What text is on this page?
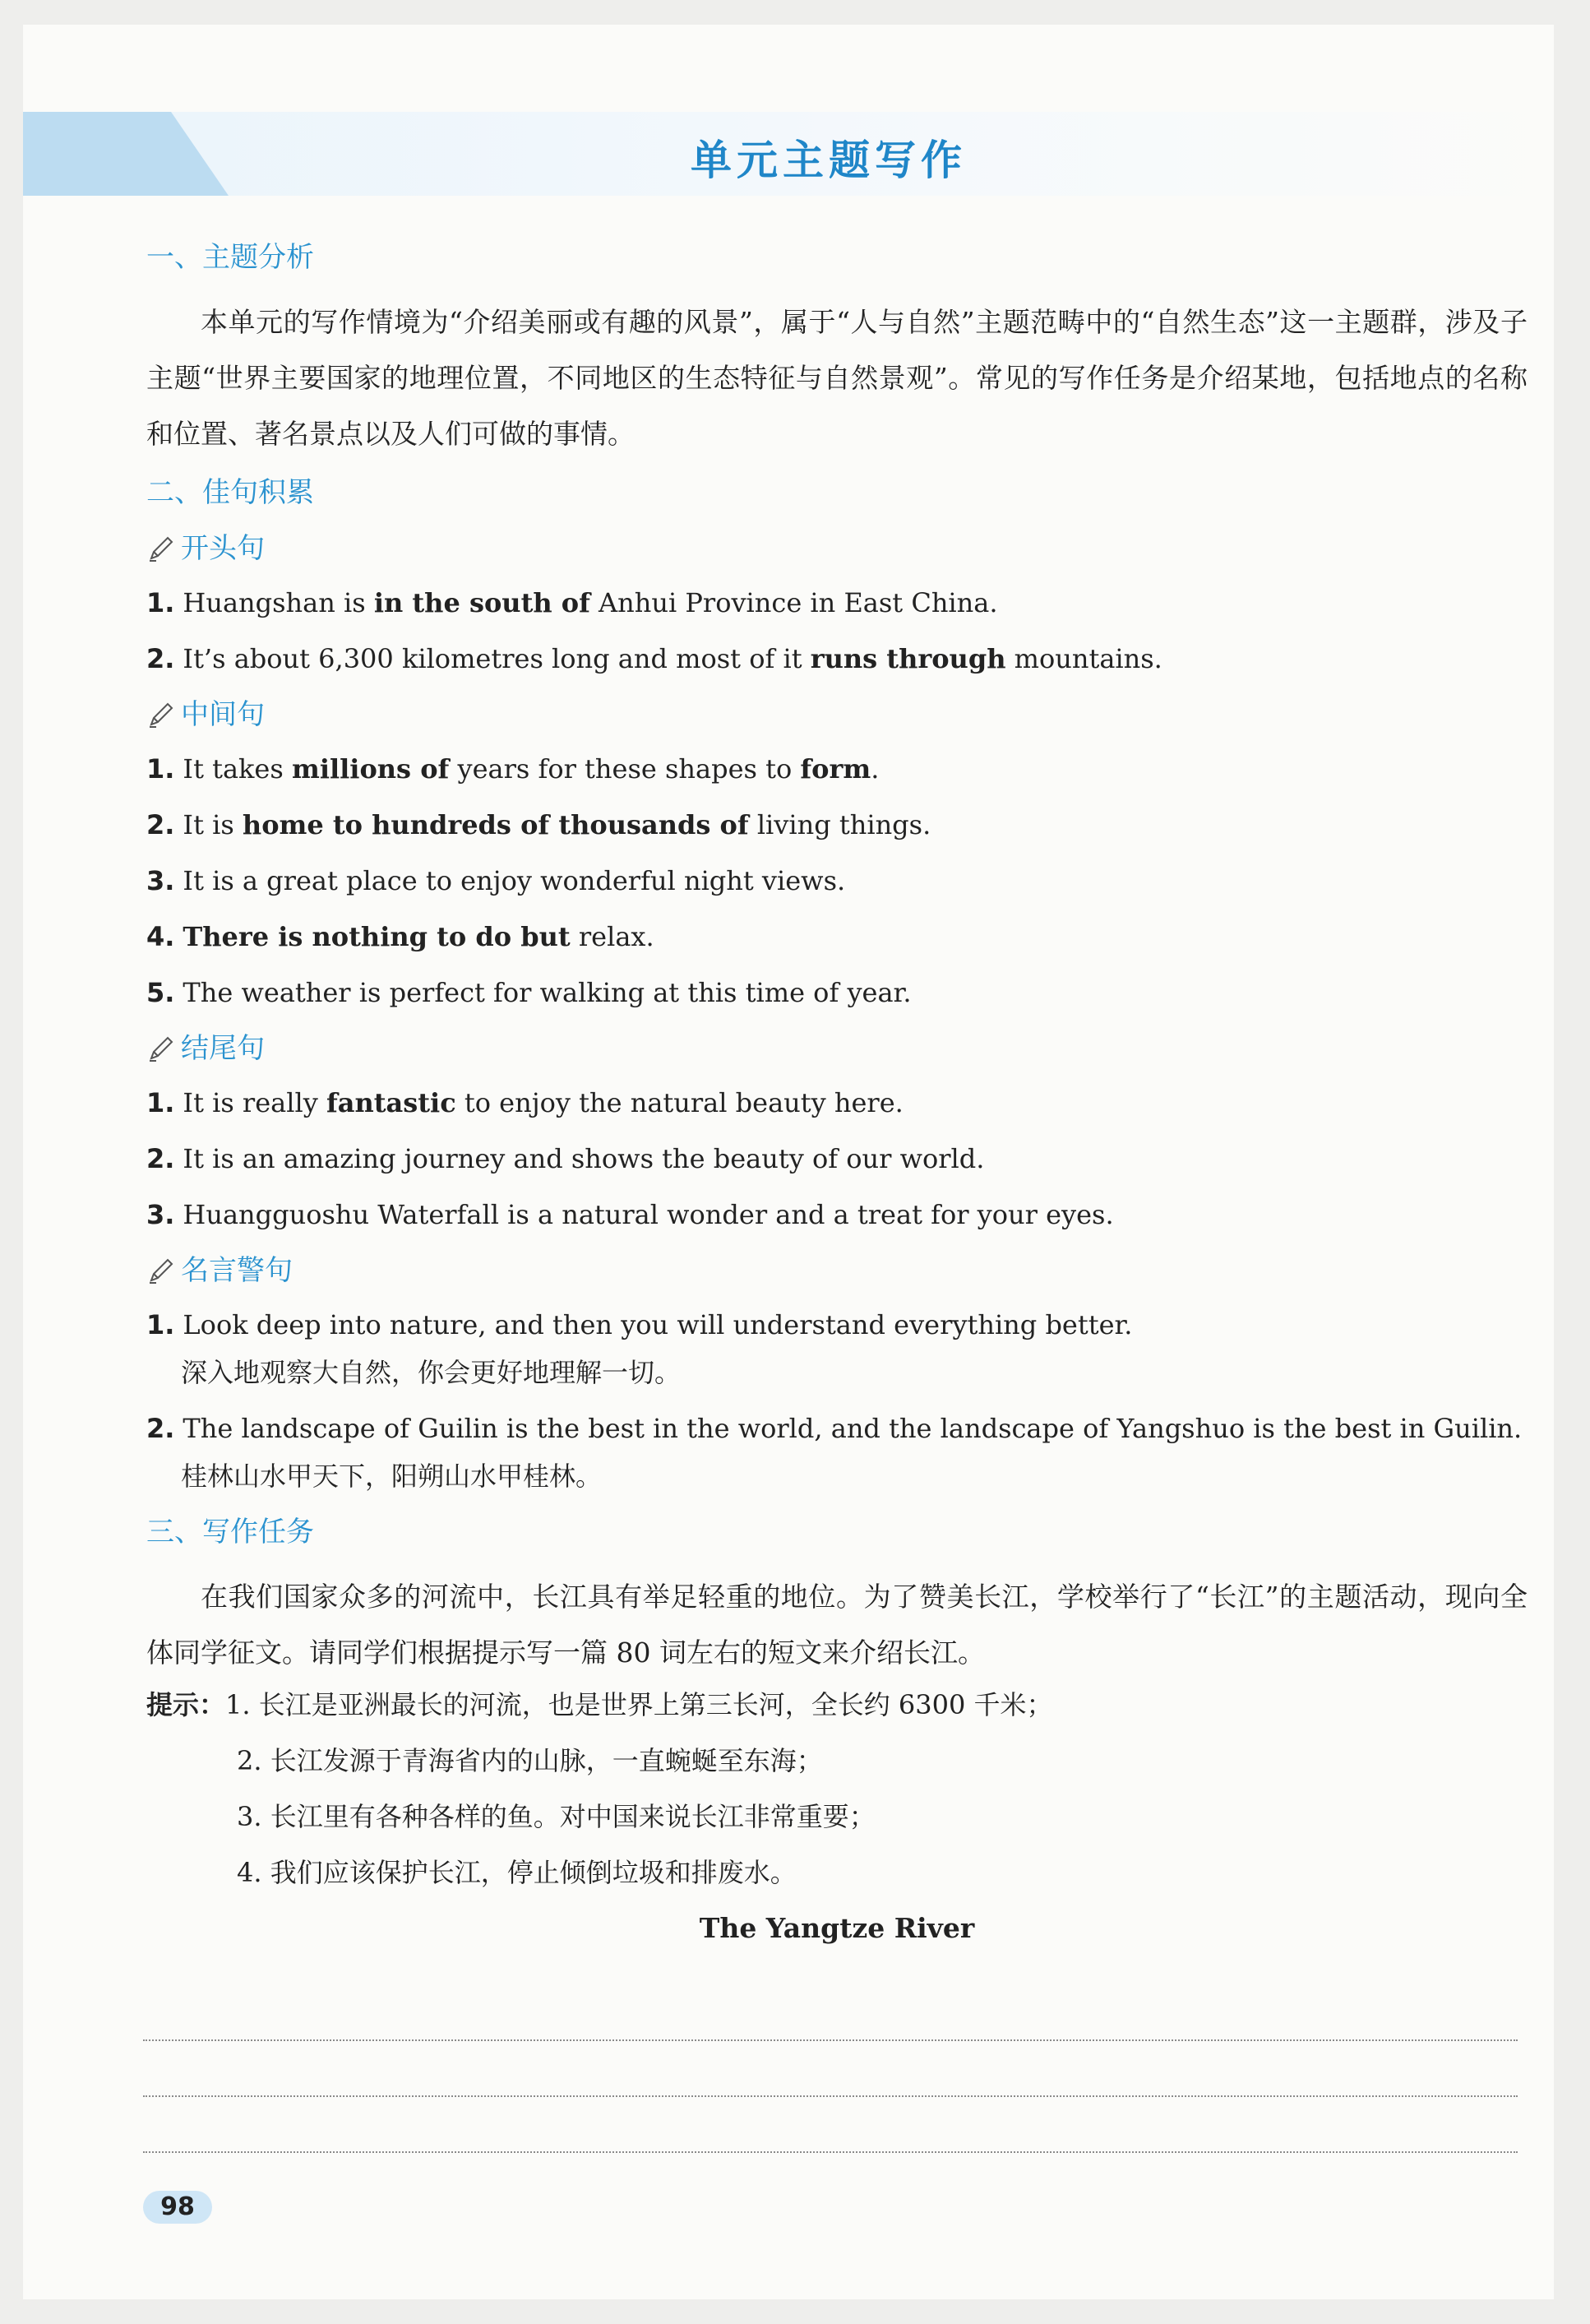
单元主题写作
一、主题分析

本单元的写作情境为“介绍美丽或有趣的风景”，属于“人与自然”主题范畴中的“自然生态”这一主题群，涉及子主题“世界主要国家的地理位置，不同地区的生态特征与自然景观”。常见的写作任务是介绍某地，包括地点的名称和位置、著名景点以及人们可做的事情。

二、佳句积累
开头句
1. Huangshan is in the south of Anhui Province in East China.
2. It’s about 6,300 kilometres long and most of it runs through mountains.
中间句
1. It takes millions of years for these shapes to form.
2. It is home to hundreds of thousands of living things.
3. It is a great place to enjoy wonderful night views.
4. There is nothing to do but relax.
5. The weather is perfect for walking at this time of year.
结尾句
1. It is really fantastic to enjoy the natural beauty here.
2. It is an amazing journey and shows the beauty of our world.
3. Huangguoshu Waterfall is a natural wonder and a treat for your eyes.
名言警句
1. Look deep into nature, and then you will understand everything better.
深入地观察大自然，你会更好地理解一切。
2. The landscape of Guilin is the best in the world, and the landscape of Yangshuo is the best in Guilin.
桂林山水甲天下，阳朔山水甲桂林。
三、写作任务

在我们国家众多的河流中，长江具有举足轻重的地位。为了赞美长江，学校举行了“长江”的主题活动，现向全体同学征文。请同学们根据提示写一篇 80 词左右的短文来介绍长江。

提示：1. 长江是亚洲最长的河流，也是世界上第三长河，全长约 6300 千米；
2. 长江发源于青海省内的山脉，一直蜿蜒至东海；
3. 长江里有各种各样的鱼。对中国来说长江非常重要；
4. 我们应该保护长江，停止倾倒垃圾和排废水。
The Yangtze River
98
